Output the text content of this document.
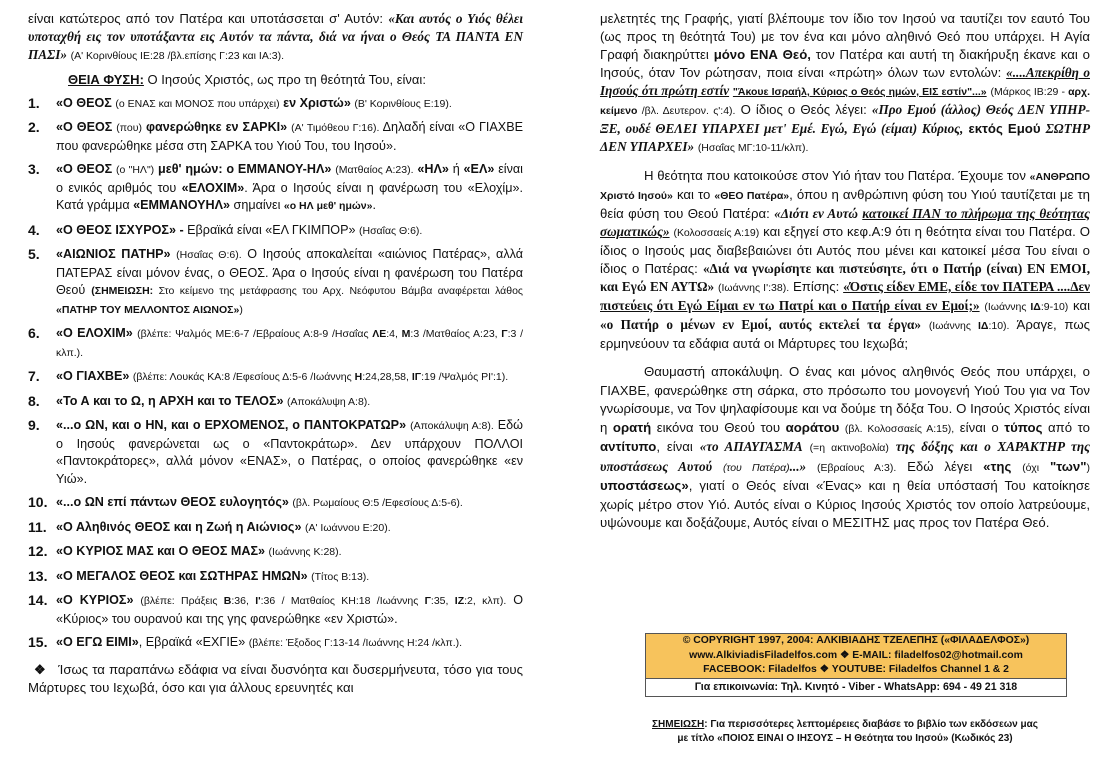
είναι κατώτερος από τον Πατέρα και υποτάσσεται σ' Αυτόν: «Και αυτός ο Υιός θέλει υποταχθή εις τον υποτάξαντα εις Αυτόν τα πάντα, διά να ήναι ο Θεός ΤΑ ΠΑΝΤΑ ΕΝ ΠΑΣΙ» (Α' Κορινθίους ΙΕ:28 /βλ.επίσης Γ:23 και ΙΑ:3).

ΘΕΙΑ ΦΥΣΗ: Ο Ιησούς Χριστός, ως προ τη θεότητά Του, είναι:

1.	«Ο ΘΕΟΣ (ο ΕΝΑΣ και ΜΟΝΟΣ που υπάρχει) εν Χριστώ» (Β' Κορινθίους Ε:19).
2.	«Ο ΘΕΟΣ (που) φανερώθηκε εν ΣΑΡΚΙ» (Α' Τιμόθεου Γ:16). Δηλαδή είναι «Ο ΓΙΑΧΒΕ που φανερώθηκε μέσα στη ΣΑΡΚΑ του Υιού Του, του Ιησού».
3.	«Ο ΘΕΟΣ (ο "ΗΛ") μεθ' ημών: ο ΕΜΜΑΝΟΥ-ΗΛ» (Ματθαίος Α:23). «ΗΛ» ή «ΕΛ» είναι ο ενικός αριθμός του «ΕΛΟΧΙΜ». Άρα ο Ιησούς είναι η φανέρωση του «Ελοχίμ». Κατά γράμμα «ΕΜΜΑΝΟΥΗΛ» σημαίνει «ο ΗΛ μεθ' ημών».
4.	«Ο ΘΕΟΣ ΙΣΧΥΡΟΣ» - Εβραϊκά είναι «ΕΛ ΓΚΙΜΠΟΡ» (Ησαΐας Θ:6).
5.	«ΑΙΩΝΙΟΣ ΠΑΤΗΡ» (Ησαΐας Θ:6). Ο Ιησούς αποκαλείται «αιώνιος Πατέρας», αλλά ΠΑΤΕΡΑΣ είναι μόνον ένας, ο ΘΕΟΣ. Άρα ο Ιησούς είναι η φανέρωση του Πατέρα Θεού (ΣΗΜΕΙΩΣΗ: Στο κείμενο της μετάφρασης του Αρχ. Νεόφυτου Βάμβα αναφέρεται λάθος «ΠΑΤΗΡ ΤΟΥ ΜΕΛΛΟΝΤΟΣ ΑΙΩΝΟΣ»)
6.	«Ο ΕΛΟΧΙΜ» (βλέπε: Ψαλμός ΜΕ:6-7 /Εβραίους Α:8-9 /Ησαΐας ΛΕ:4, Μ:3 /Ματθαίος Α:23, Γ:3 /κλπ.).
7.	«Ο ΓΙΑΧΒΕ» (βλέπε: Λουκάς ΚΑ:8 /Εφεσίους Δ:5-6 /Ιωάννης Η:24,28,58, ΙΓ:19 /Ψαλμός ΡΙ':1).
8.	«Το Α και το Ω, η ΑΡΧΗ και το ΤΕΛΟΣ» (Αποκάλυψη Α:8).
9.	«...ο ΩΝ, και ο ΗΝ, και ο ΕΡΧΟΜΕΝΟΣ, ο ΠΑΝΤΟΚΡΑΤΩΡ» (Αποκάλυψη Α:8). Εδώ ο Ιησούς φανερώνεται ως ο «Παντοκράτωρ». Δεν υπάρχουν ΠΟΛΛΟΙ «Παντοκράτορες», αλλά μόνον «ΕΝΑΣ», ο Πατέρας, ο οποίος φανερώθηκε «εν Υιώ».
10. «...ο ΩΝ επί πάντων ΘΕΟΣ ευλογητός» (βλ. Ρωμαίους Θ:5 /Εφεσίους Δ:5-6).
11. «Ο Αληθινός ΘΕΟΣ και η Ζωή η Αιώνιος» (Α' Ιωάννου Ε:20).
12. «Ο ΚΥΡΙΟΣ ΜΑΣ και Ο ΘΕΟΣ ΜΑΣ» (Ιωάννης Κ:28).
13. «Ο ΜΕΓΑΛΟΣ ΘΕΟΣ και ΣΩΤΗΡΑΣ ΗΜΩΝ» (Τίτος Β:13).
14. «Ο ΚΥΡΙΟΣ» (βλέπε: Πράξεις Β:36, Ι':36 / Ματθαίος ΚΗ:18 /Ιωάννης Γ:35, ΙΖ:2, κλπ). Ο «Κύριος» του ουρανού και της γης φανερώθηκε «εν Χριστώ».
15. «Ο ΕΓΩ ΕΙΜΙ», Εβραϊκά «ΕΧΓΙΕ» (βλέπε: Έξοδος Γ:13-14 /Ιωάννης Η:24 /κλπ.).

❖ Ίσως τα παραπάνω εδάφια να είναι δυσνόητα και δυσερμήνευτα, τόσο για τους Μάρτυρες του Ιεχωβά, όσο και για άλλους ερευνητές και

μελετητές της Γραφής, γιατί βλέπουμε τον ίδιο τον Ιησού να ταυτίζει τον εαυτό Του (ως προς τη θεότητά Του) με τον ένα και μόνο αληθινό Θεό που υπάρχει. Η Αγία Γραφή διακηρύττει μόνο ΕΝΑ Θεό, τον Πατέρα και αυτή τη διακήρυξη έκανε και ο Ιησούς, όταν Τον ρώτησαν, ποια είναι «πρώτη» όλων των εντολών: «....Απεκρίθη ο Ιησούς ότι πρώτη εστίν "Άκουε Ισραήλ, Κύριος ο Θεός ημών, ΕΙΣ εστίν"...» (Μάρκος ΙΒ:29 - αρχ. κείμενο /βλ. Δευτερον. ς':4). Ο ίδιος ο Θεός λέγει: «Προ Εμού (άλλος) Θεός ΔΕΝ ΥΠΗΡ-ΞΕ, ουδέ ΘΕΛΕΙ ΥΠΑΡΧΕΙ μετ' Εμέ. Εγώ, Εγώ (είμαι) Κύριος, εκτός Εμού ΣΩΤΗΡ ΔΕΝ ΥΠΑΡΧΕΙ» (Ησαΐας ΜΓ:10-11/κλπ).

Η θεότητα που κατοικούσε στον Υιό ήταν του Πατέρα. Έχουμε τον «ΑΝΘΡΩΠΟ Χριστό Ιησού» και το «ΘΕΟ Πατέρα», όπου η ανθρώπινη φύση του Υιού ταυτίζεται με τη θεία φύση του Θεού Πατέρα: «Διότι εν Αυτώ κατοικεί ΠΑΝ το πλήρωμα της θεότητας σωματικώς» (Κολοσσαείς Α:19) και εξηγεί στο κεφ.Α:9 ότι η θεότητα είναι του Πατέρα. Ο ίδιος ο Ιησούς μας διαβεβαιώνει ότι Αυτός που μένει και κατοικεί μέσα Του είναι ο ίδιος ο Πατέρας: «Διά να γνωρίσητε και πιστεύσητε, ότι ο Πατήρ (είναι) ΕΝ ΕΜΟΙ, και Εγώ ΕΝ ΑΥΤΩ» (Ιωάννης Ι':38). Επίσης: «Όστις είδεν ΕΜΕ, είδε τον ΠΑΤΕΡΑ ....Δεν πιστεύεις ότι Εγώ Είμαι εν τω Πατρί και ο Πατήρ είναι εν Εμοί;» (Ιωάννης ΙΔ:9-10) και «ο Πατήρ ο μένων εν Εμοί, αυτός εκτελεί τα έργα» (Ιωάννης ΙΔ:10). Άραγε, πως ερμηνεύουν τα εδάφια αυτά οι Μάρτυρες του Ιεχωβά;

Θαυμαστή αποκάλυψη. Ο ένας και μόνος αληθινός Θεός που υπάρχει, ο ΓΙΑΧΒΕ, φανερώθηκε στη σάρκα, στο πρόσωπο του μονογενή Υιού Του για να Τον γνωρίσουμε, να Τον ψηλαφίσουμε και να δούμε τη δόξα Του. Ο Ιησούς Χριστός είναι η ορατή εικόνα του Θεού του αοράτου (βλ. Κολοσσαείς Α:15), είναι ο τύπος από το αντίτυπο, είναι «το ΑΠΑΥΓΑΣΜΑ (=η ακτινοβολία) της δόξης και ο ΧΑΡΑΚΤΗΡ της υποστάσεως Αυτού (του Πατέρα)...» (Εβραίους Α:3). Εδώ λέγει «της (όχι "των") υποστάσεως», γιατί ο Θεός είναι «Ένας» και η θεία υπόστασή Του κατοίκησε χωρίς μέτρο στον Υιό. Αυτός είναι ο Κύριος Ιησούς Χριστός τον οποίο λατρεύουμε, υψώνουμε και δοξάζουμε, Αυτός είναι ο ΜΕΣΙΤΗΣ μας προς τον Πατέρα Θεό.

© COPYRIGHT 1997, 2004: ΑΛΚΙΒΙΑΔΗΣ ΤΖΕΛΕΠΗΣ («ΦΙΛΑΔΕΛΦΟΣ»)
www.AlkiviadisFiladelfos.com ❖ E-MAIL: filadelfos02@hotmail.com
FACEBOOK: Filadelfos ❖ YOUTUBE: Filadelfos Channel 1 & 2
Για επικοινωνία: Τηλ. Κινητό - Viber - WhatsApp: 694 - 49 21 318
ΣΗΜΕΙΩΣΗ: Για περισσότερες λεπτομέρειες διαβάσε το βιβλίο των εκδόσεων μας
με τίτλο «ΠΟΙΟΣ ΕΙΝΑΙ Ο ΙΗΣΟΥΣ – Η Θεότητα του Ιησού» (Κωδικός 23)
